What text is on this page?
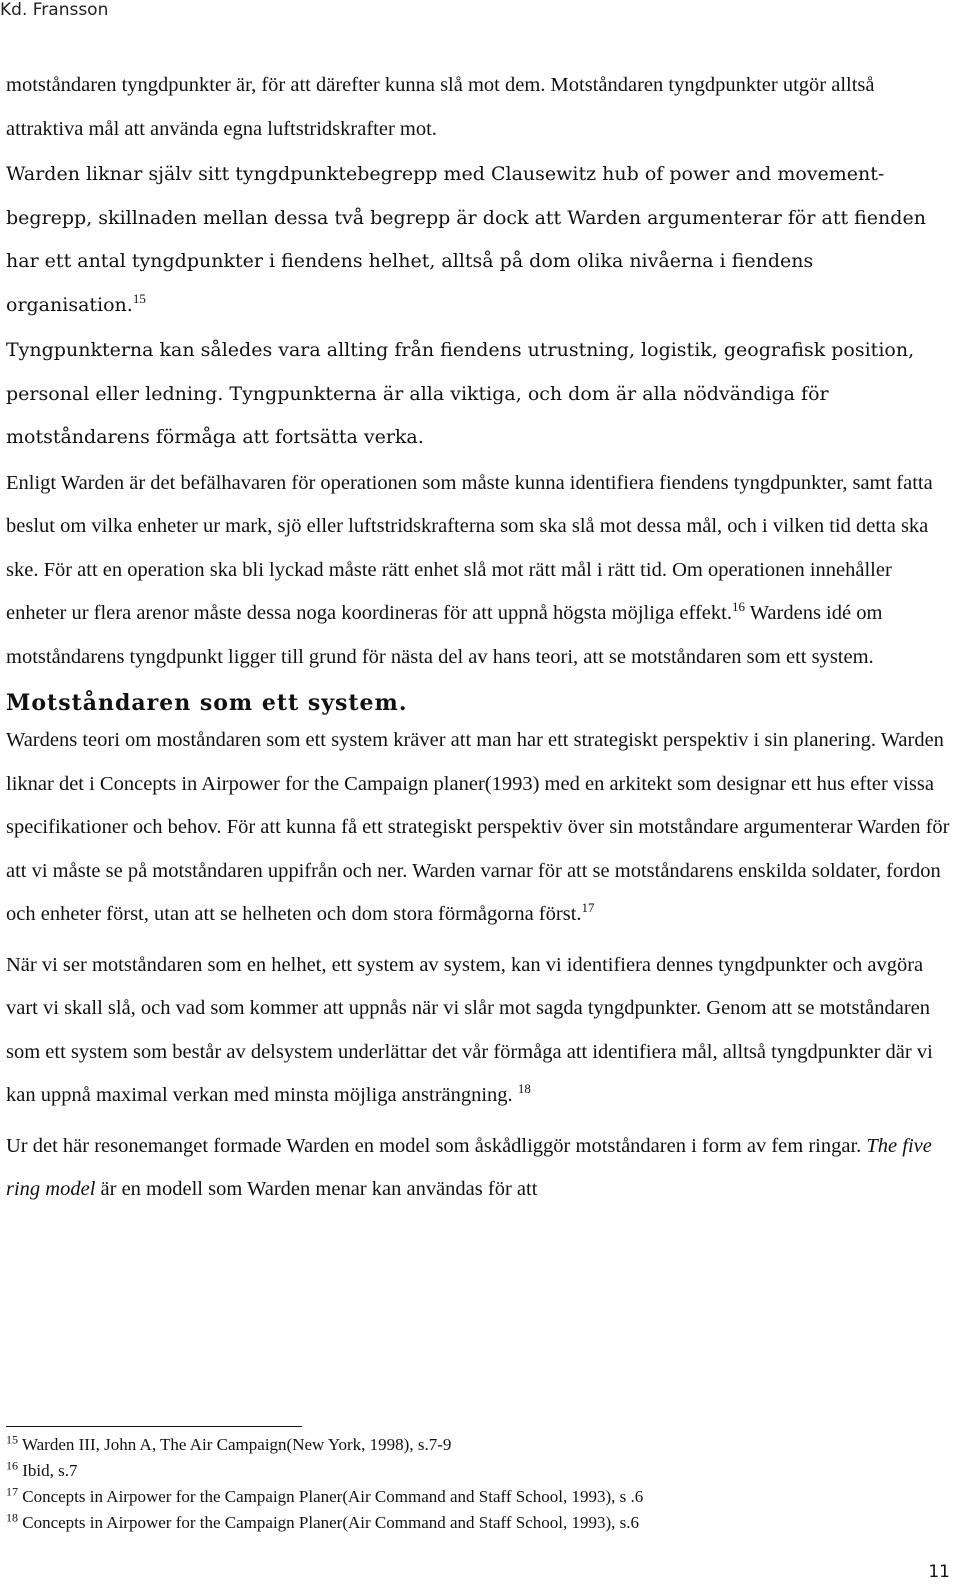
Kd. Fransson

motståndaren tyngdpunkter är, för att därefter kunna slå mot dem. Motståndaren tyngdpunkter utgör alltså attraktiva mål att använda egna luftstridskrafter mot.

Warden liknar själv sitt tyngdpunktebegrepp med Clausewitz hub of power and movement-begrepp, skillnaden mellan dessa två begrepp är dock att Warden argumenterar för att fienden har ett antal tyngdpunkter i fiendens helhet, alltså på dom olika nivåerna i fiendens organisation.$^{15}$

Tyngpunkterna kan således vara allting från fiendens utrustning, logistik, geografisk position, personal eller ledning. Tyngpunkterna är alla viktiga, och dom är alla nödvändiga för motståndarens förmåga att fortsätta verka.

Enligt Warden är det befälhavaren för operationen som måste kunna identifiera fiendens tyngdpunkter, samt fatta beslut om vilka enheter ur mark, sjö eller luftstridskrafterna som ska slå mot dessa mål, och i vilken tid detta ska ske. För att en operation ska bli lyckad måste rätt enhet slå mot rätt mål i rätt tid. Om operationen innehåller enheter ur flera arenor måste dessa noga koordineras för att uppnå högsta möjliga effekt.$^{16}$ Wardens idé om motståndarens tyngdpunkt ligger till grund för nästa del av hans teori, att se motståndaren som ett system.

Motståndaren som ett system.

Wardens teori om moståndaren som ett system kräver att man har ett strategiskt perspektiv i sin planering. Warden liknar det i Concepts in Airpower for the Campaign planer(1993) med en arkitekt som designar ett hus efter vissa specifikationer och behov. För att kunna få ett strategiskt perspektiv över sin motståndare argumenterar Warden för att vi måste se på motståndaren uppifrån och ner. Warden varnar för att se motståndarens enskilda soldater, fordon och enheter först, utan att se helheten och dom stora förmågorna först.$^{17}$

När vi ser motståndaren som en helhet, ett system av system, kan vi identifiera dennes tyngdpunkter och avgöra vart vi skall slå, och vad som kommer att uppnås när vi slår mot sagda tyngdpunkter. Genom att se motståndaren som ett system som består av delsystem underlättar det vår förmåga att identifiera mål, alltså tyngdpunkter där vi kan uppnå maximal verkan med minsta möjliga ansträngning. $^{18}$

Ur det här resonemanget formade Warden en model som åskådliggör motståndaren i form av fem ringar. The five ring model är en modell som Warden menar kan användas för att

$^{15}$ Warden III, John A, The Air Campaign(New York, 1998), s.7-9
$^{16}$ Ibid, s.7
$^{17}$ Concepts in Airpower for the Campaign Planer(Air Command and Staff School, 1993), s .6
$^{18}$ Concepts in Airpower for the Campaign Planer(Air Command and Staff School, 1993), s.6
11
